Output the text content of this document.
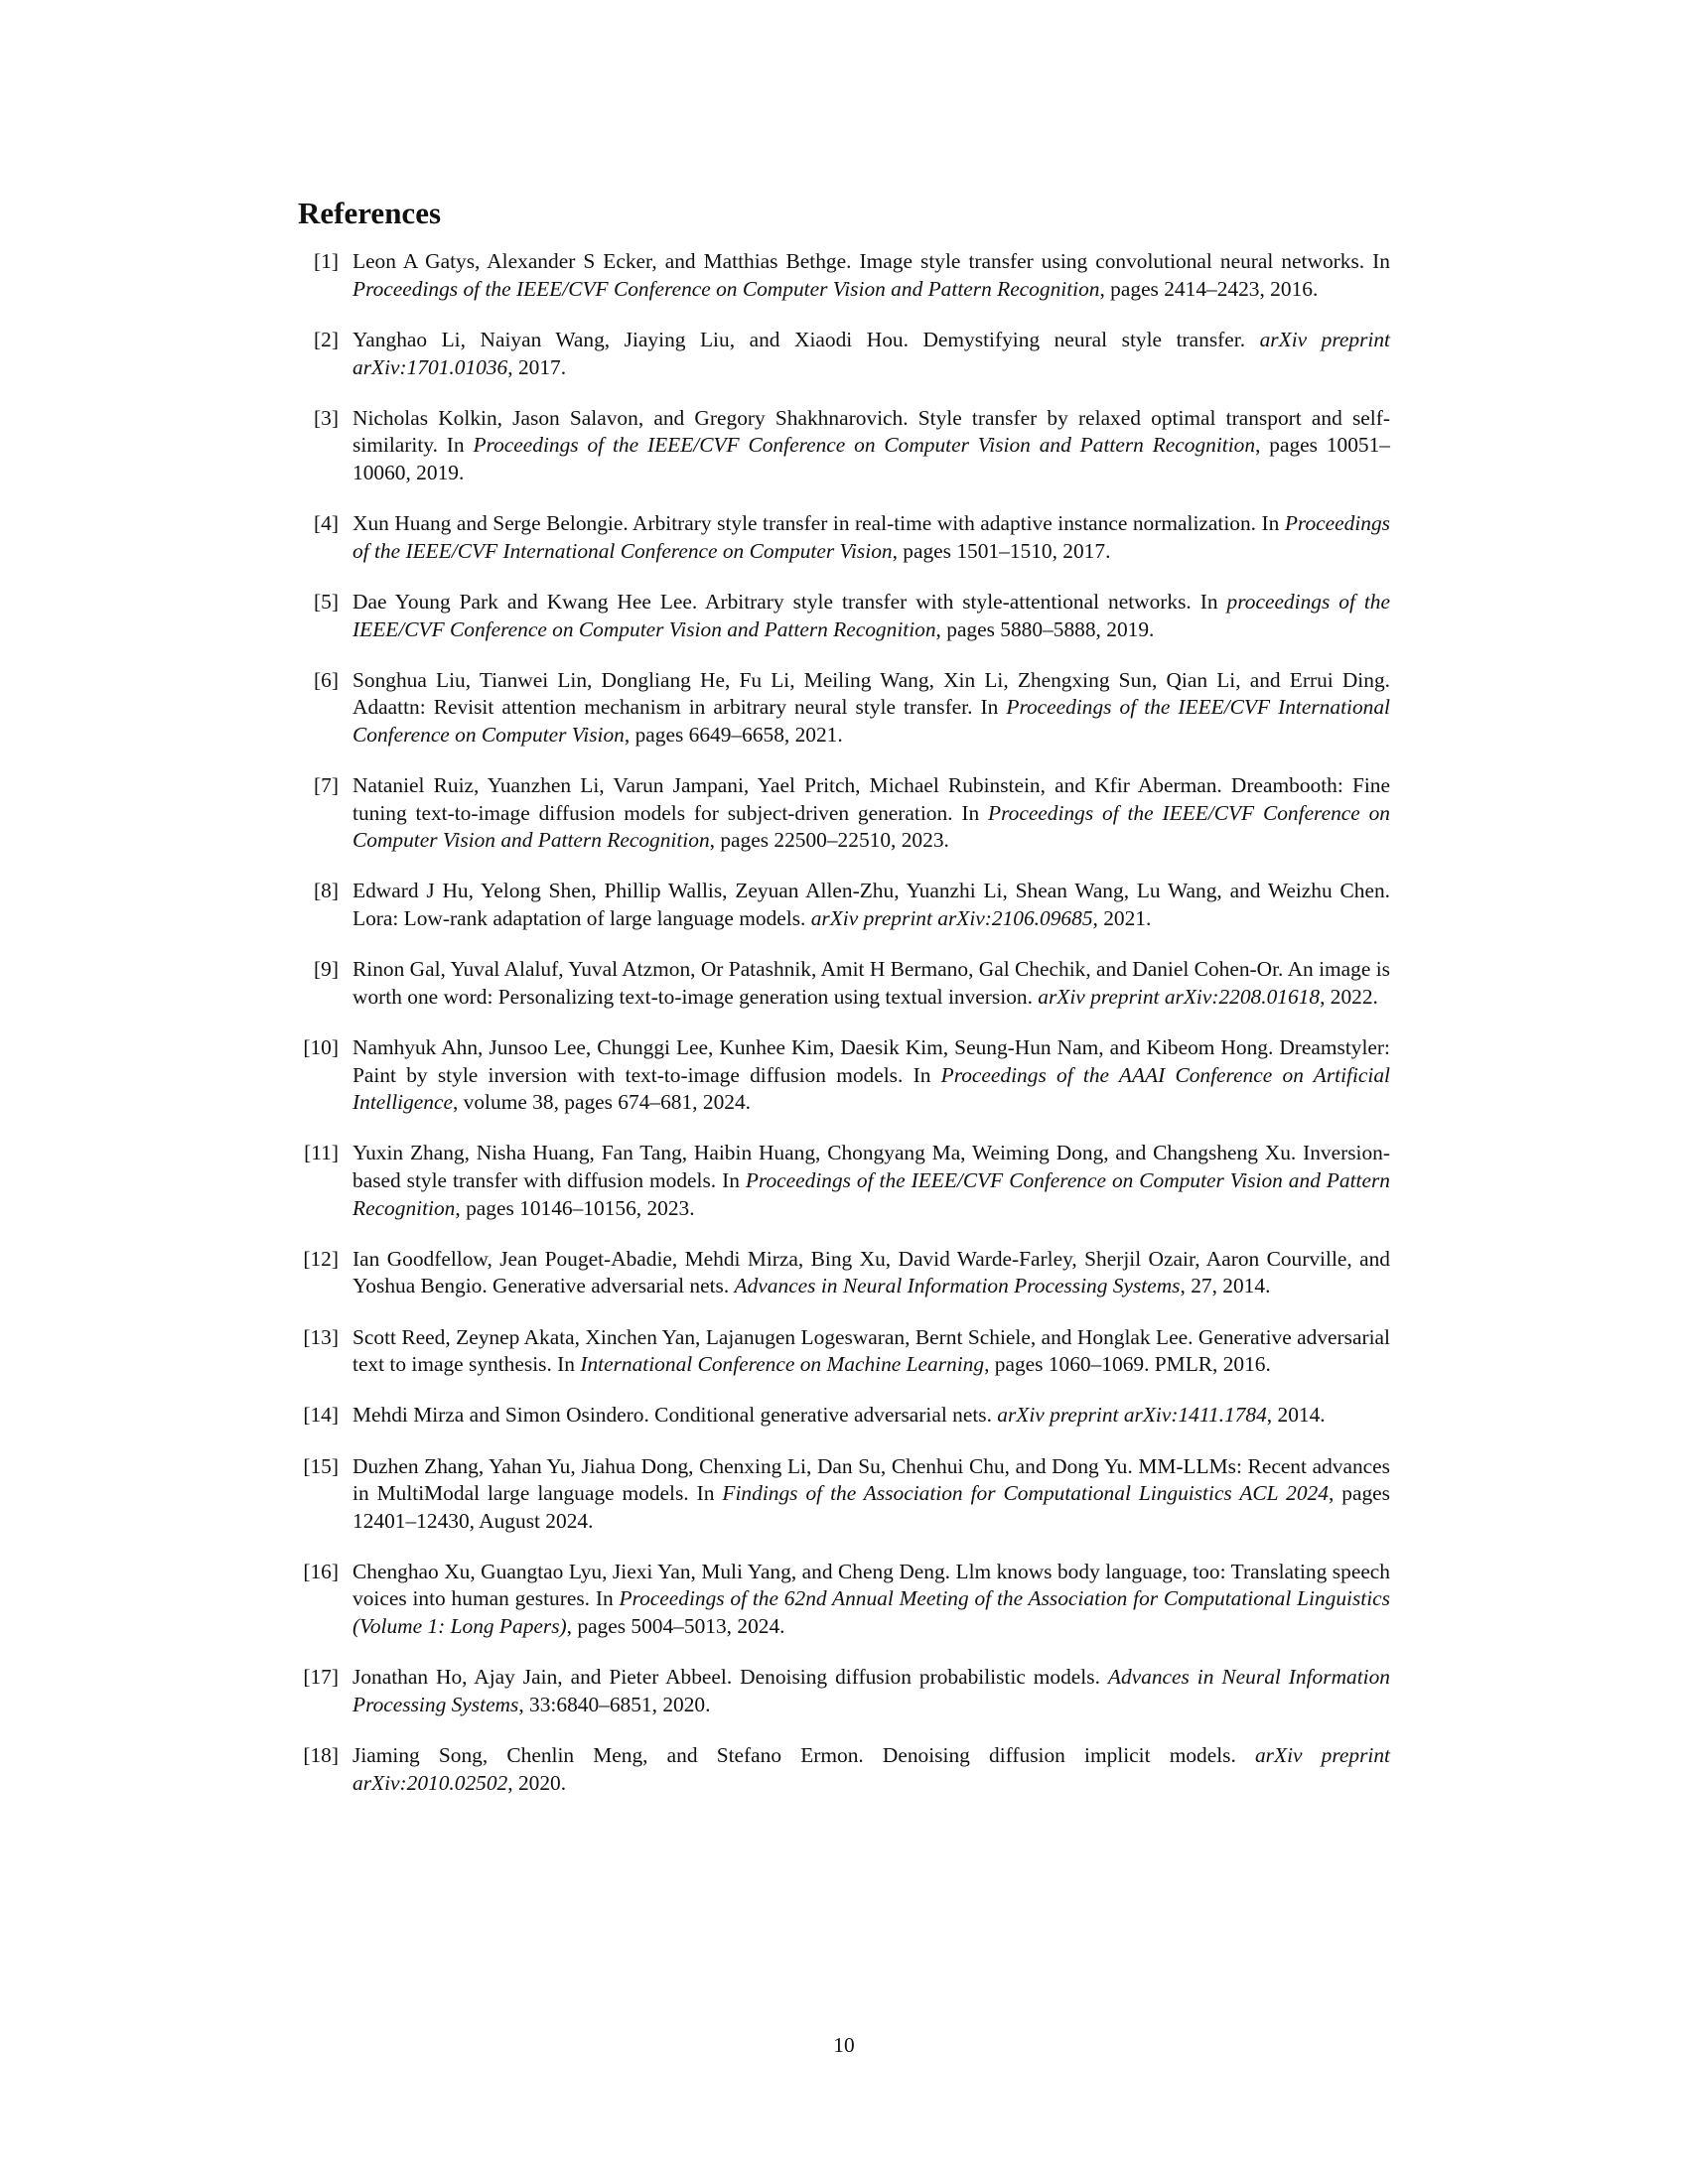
References
[1] Leon A Gatys, Alexander S Ecker, and Matthias Bethge. Image style transfer using convolutional neural networks. In Proceedings of the IEEE/CVF Conference on Computer Vision and Pattern Recognition, pages 2414–2423, 2016.
[2] Yanghao Li, Naiyan Wang, Jiaying Liu, and Xiaodi Hou. Demystifying neural style transfer. arXiv preprint arXiv:1701.01036, 2017.
[3] Nicholas Kolkin, Jason Salavon, and Gregory Shakhnarovich. Style transfer by relaxed optimal transport and self-similarity. In Proceedings of the IEEE/CVF Conference on Computer Vision and Pattern Recognition, pages 10051–10060, 2019.
[4] Xun Huang and Serge Belongie. Arbitrary style transfer in real-time with adaptive instance normalization. In Proceedings of the IEEE/CVF International Conference on Computer Vision, pages 1501–1510, 2017.
[5] Dae Young Park and Kwang Hee Lee. Arbitrary style transfer with style-attentional networks. In proceedings of the IEEE/CVF Conference on Computer Vision and Pattern Recognition, pages 5880–5888, 2019.
[6] Songhua Liu, Tianwei Lin, Dongliang He, Fu Li, Meiling Wang, Xin Li, Zhengxing Sun, Qian Li, and Errui Ding. Adaattn: Revisit attention mechanism in arbitrary neural style transfer. In Proceedings of the IEEE/CVF International Conference on Computer Vision, pages 6649–6658, 2021.
[7] Nataniel Ruiz, Yuanzhen Li, Varun Jampani, Yael Pritch, Michael Rubinstein, and Kfir Aberman. Dreambooth: Fine tuning text-to-image diffusion models for subject-driven generation. In Proceedings of the IEEE/CVF Conference on Computer Vision and Pattern Recognition, pages 22500–22510, 2023.
[8] Edward J Hu, Yelong Shen, Phillip Wallis, Zeyuan Allen-Zhu, Yuanzhi Li, Shean Wang, Lu Wang, and Weizhu Chen. Lora: Low-rank adaptation of large language models. arXiv preprint arXiv:2106.09685, 2021.
[9] Rinon Gal, Yuval Alaluf, Yuval Atzmon, Or Patashnik, Amit H Bermano, Gal Chechik, and Daniel Cohen-Or. An image is worth one word: Personalizing text-to-image generation using textual inversion. arXiv preprint arXiv:2208.01618, 2022.
[10] Namhyuk Ahn, Junsoo Lee, Chunggi Lee, Kunhee Kim, Daesik Kim, Seung-Hun Nam, and Kibeom Hong. Dreamstyler: Paint by style inversion with text-to-image diffusion models. In Proceedings of the AAAI Conference on Artificial Intelligence, volume 38, pages 674–681, 2024.
[11] Yuxin Zhang, Nisha Huang, Fan Tang, Haibin Huang, Chongyang Ma, Weiming Dong, and Changsheng Xu. Inversion-based style transfer with diffusion models. In Proceedings of the IEEE/CVF Conference on Computer Vision and Pattern Recognition, pages 10146–10156, 2023.
[12] Ian Goodfellow, Jean Pouget-Abadie, Mehdi Mirza, Bing Xu, David Warde-Farley, Sherjil Ozair, Aaron Courville, and Yoshua Bengio. Generative adversarial nets. Advances in Neural Information Processing Systems, 27, 2014.
[13] Scott Reed, Zeynep Akata, Xinchen Yan, Lajanugen Logeswaran, Bernt Schiele, and Honglak Lee. Generative adversarial text to image synthesis. In International Conference on Machine Learning, pages 1060–1069. PMLR, 2016.
[14] Mehdi Mirza and Simon Osindero. Conditional generative adversarial nets. arXiv preprint arXiv:1411.1784, 2014.
[15] Duzhen Zhang, Yahan Yu, Jiahua Dong, Chenxing Li, Dan Su, Chenhui Chu, and Dong Yu. MM-LLMs: Recent advances in MultiModal large language models. In Findings of the Association for Computational Linguistics ACL 2024, pages 12401–12430, August 2024.
[16] Chenghao Xu, Guangtao Lyu, Jiexi Yan, Muli Yang, and Cheng Deng. Llm knows body language, too: Translating speech voices into human gestures. In Proceedings of the 62nd Annual Meeting of the Association for Computational Linguistics (Volume 1: Long Papers), pages 5004–5013, 2024.
[17] Jonathan Ho, Ajay Jain, and Pieter Abbeel. Denoising diffusion probabilistic models. Advances in Neural Information Processing Systems, 33:6840–6851, 2020.
[18] Jiaming Song, Chenlin Meng, and Stefano Ermon. Denoising diffusion implicit models. arXiv preprint arXiv:2010.02502, 2020.
10
